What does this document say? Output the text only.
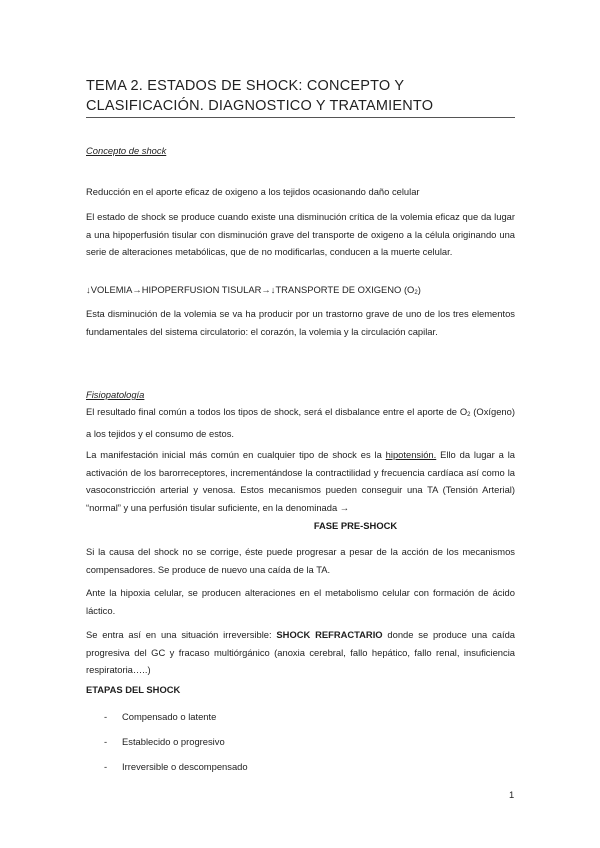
TEMA 2. ESTADOS DE SHOCK: CONCEPTO Y CLASIFICACIÓN. DIAGNOSTICO Y TRATAMIENTO
Concepto de shock
Reducción en el aporte eficaz de oxigeno a los tejidos ocasionando daño celular
El estado de shock se produce cuando existe una disminución crítica de la volemia eficaz que da lugar a una hipoperfusión tisular con disminución grave del transporte de oxigeno a la célula originando una serie de alteraciones metabólicas, que de no modificarlas, conducen a la muerte celular.
↓VOLEMIA→HIPOPERFUSION TISULAR→↓TRANSPORTE DE OXIGENO $(O_2)$
Esta disminución de la volemia se va ha producir por un trastorno grave de uno de los tres elementos fundamentales del sistema circulatorio: el corazón, la volemia y la circulación capilar.
Fisiopatología
El resultado final común a todos los tipos de shock, será el disbalance entre el aporte de $O_2$ (Oxígeno) a los tejidos y el consumo de estos.
La manifestación inicial más común en cualquier tipo de shock es la hipotensión. Ello da lugar a la activación de los barorreceptores, incrementándose la contractilidad y frecuencia cardíaca así como la vasoconstricción arterial y venosa. Estos mecanismos pueden conseguir una TA (Tensión Arterial) “normal” y una perfusión tisular suficiente, en la denominada →
FASE PRE-SHOCK
Si la causa del shock no se corrige, éste puede progresar a pesar de la acción de los mecanismos compensadores. Se produce de nuevo una caída de la TA.
Ante la hipoxia celular, se producen alteraciones en el metabolismo celular con formación de ácido láctico.
Se entra así en una situación irreversible: SHOCK REFRACTARIO donde se produce una caída progresiva del GC y fracaso multiórgánico (anoxia cerebral, fallo hepático, fallo renal, insuficiencia respiratoria…..)
ETAPAS DEL SHOCK
- Compensado o latente
- Establecido o progresivo
- Irreversible o descompensado
1
